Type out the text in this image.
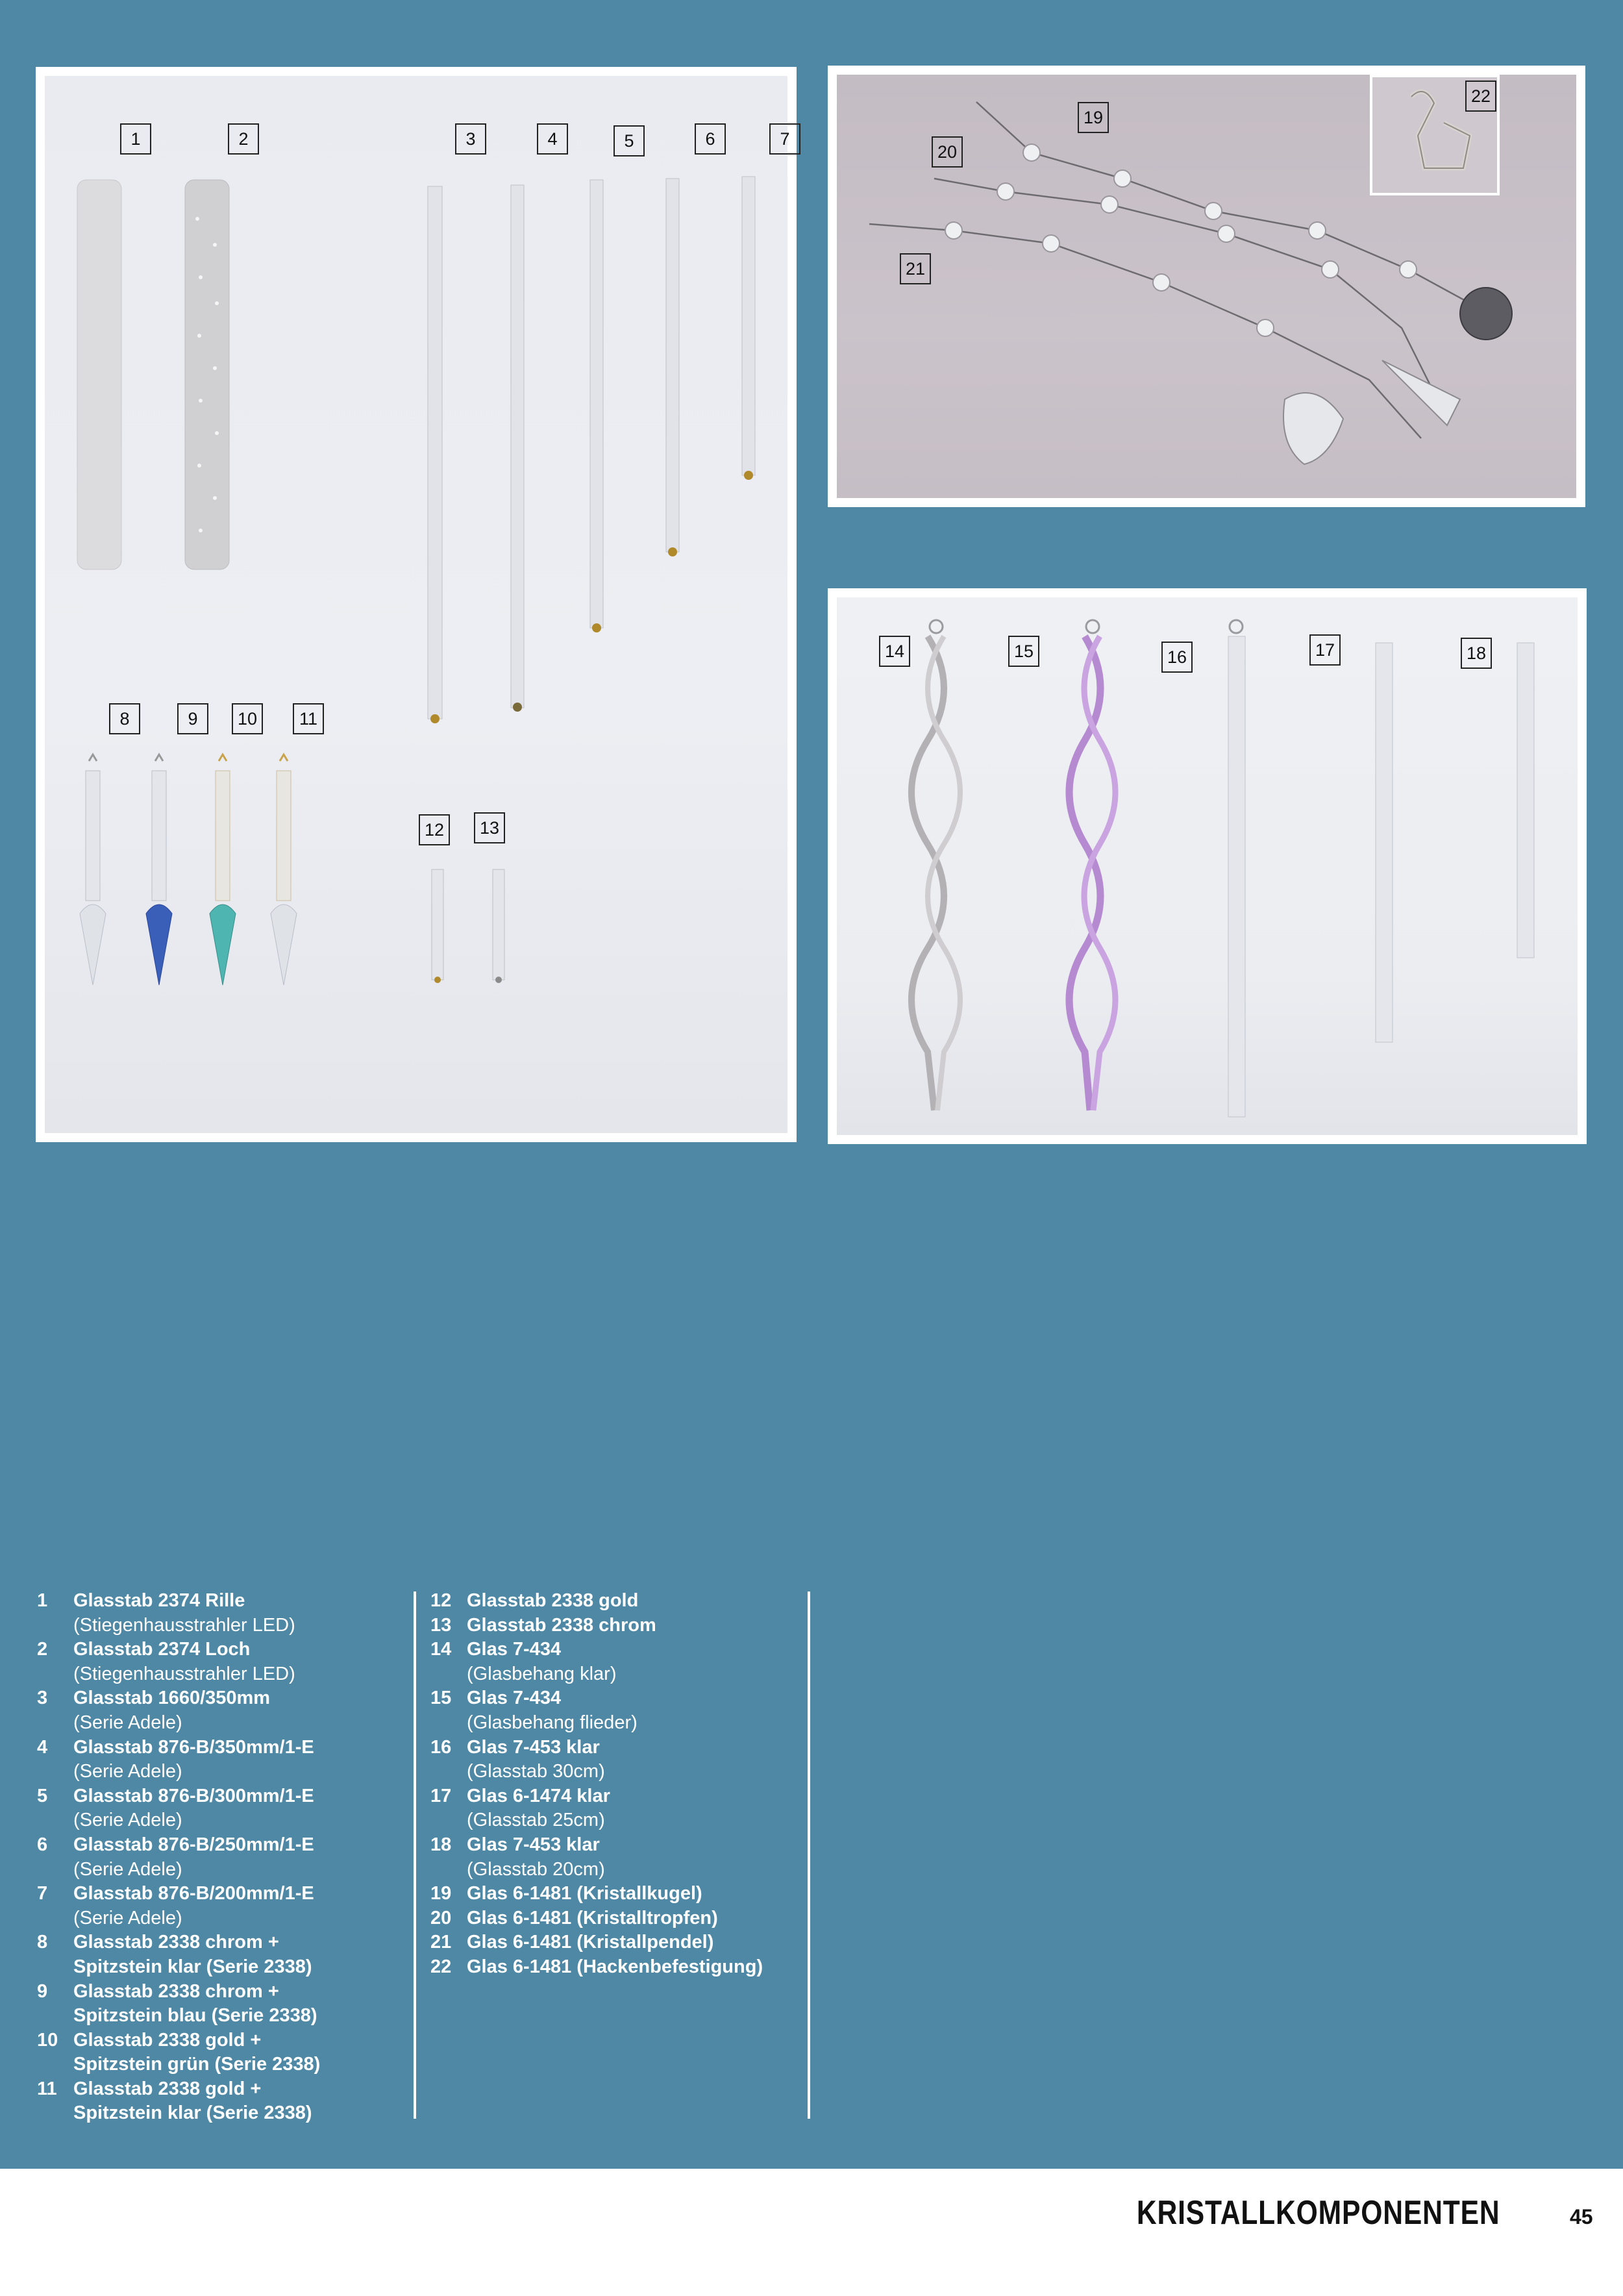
1	2	3	4	5	6	7
8	9	10	11
12	13
19
20
21
22
14	15	16	17	18
1	Glasstab 2374 Rille
(Stiegenhausstrahler LED)
2	Glasstab 2374 Loch
(Stiegenhausstrahler LED)
3	Glasstab 1660/350mm
(Serie Adele)
4	Glasstab 876-B/350mm/1-E
(Serie Adele)
5	Glasstab 876-B/300mm/1-E
(Serie Adele)
6	Glasstab 876-B/250mm/1-E
(Serie Adele)
7	Glasstab 876-B/200mm/1-E
(Serie Adele)
8	Glasstab 2338 chrom +
Spitzstein klar (Serie 2338)
9	Glasstab 2338 chrom +
Spitzstein blau (Serie 2338)
10 Glasstab 2338 gold +
Spitzstein grün (Serie 2338)
11 Glasstab 2338 gold +
Spitzstein klar (Serie 2338)
12 Glasstab 2338 gold
13 Glasstab 2338 chrom
14 Glas 7-434
(Glasbehang klar)
15 Glas 7-434
(Glasbehang flieder)
16 Glas 7-453 klar
(Glasstab 30cm)
17 Glas 6-1474 klar
(Glasstab 25cm)
18 Glas 7-453 klar
(Glasstab 20cm)
19 Glas 6-1481 (Kristallkugel)
20 Glas 6-1481 (Kristalltropfen)
21 Glas 6-1481 (Kristallpendel)
22 Glas 6-1481 (Hackenbefestigung)
KRISTALLKOMPONENTEN	45
